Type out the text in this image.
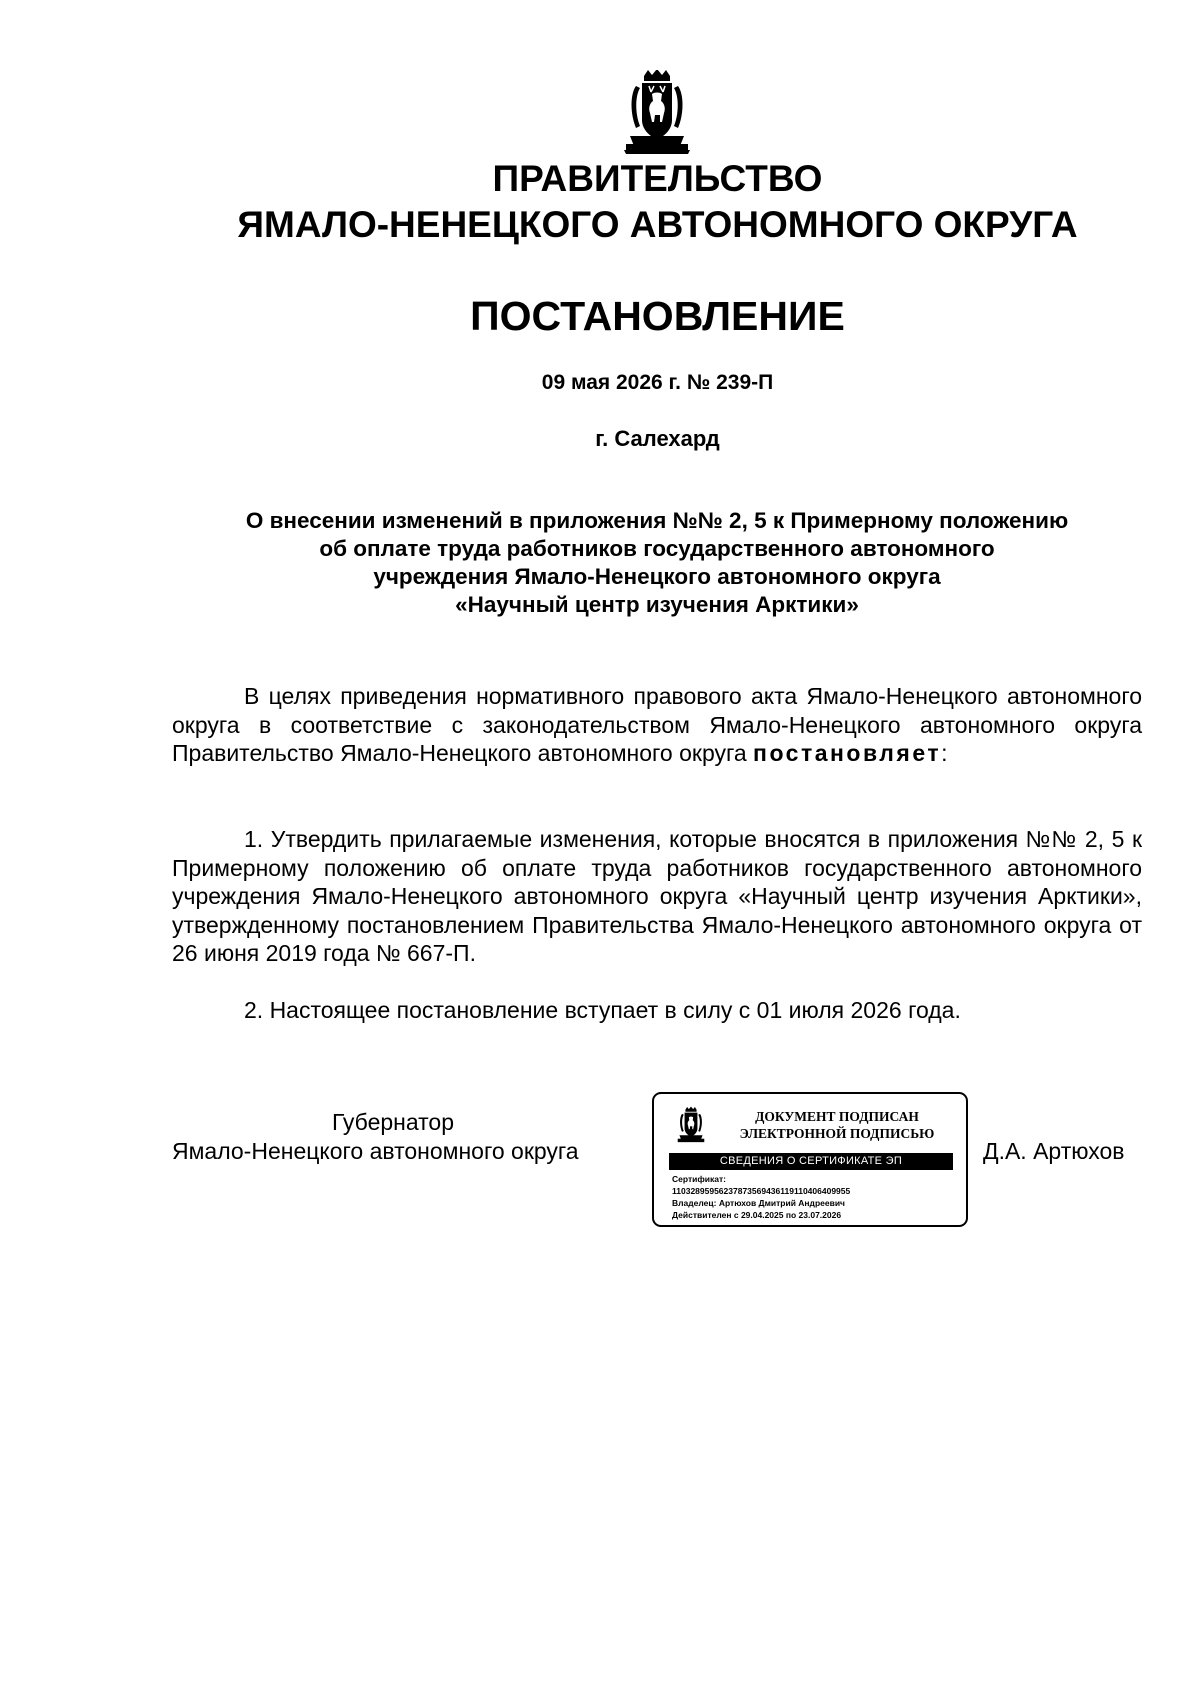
ПРАВИТЕЛЬСТВО
ЯМАЛО-НЕНЕЦКОГО АВТОНОМНОГО ОКРУГА
ПОСТАНОВЛЕНИЕ
09 мая 2026 г. № 239-П
г. Салехард
О внесении изменений в приложения №№ 2, 5 к Примерному положению
об оплате труда работников государственного автономного
учреждения Ямало-Ненецкого автономного округа
«Научный центр изучения Арктики»
В целях приведения нормативного правового акта Ямало-Ненецкого автономного округа в соответствие с законодательством Ямало-Ненецкого автономного округа Правительство Ямало-Ненецкого автономного округа постановляет:
1. Утвердить прилагаемые изменения, которые вносятся в приложения №№ 2, 5 к Примерному положению об оплате труда работников государственного автономного учреждения Ямало-Ненецкого автономного округа «Научный центр изучения Арктики», утвержденному постановлением Правительства Ямало-Ненецкого автономного округа от 26 июня 2019 года № 667-П.
2. Настоящее постановление вступает в силу с 01 июля 2026 года.
Губернатор
Ямало-Ненецкого автономного округа
ДОКУМЕНТ ПОДПИСАН
ЭЛЕКТРОННОЙ ПОДПИСЬЮ
СВЕДЕНИЯ О СЕРТИФИКАТЕ ЭП
Сертификат:
11032895956237873569436119110406409955
Владелец: Артюхов Дмитрий Андреевич
Действителен с 29.04.2025 по 23.07.2026
Д.А. Артюхов
